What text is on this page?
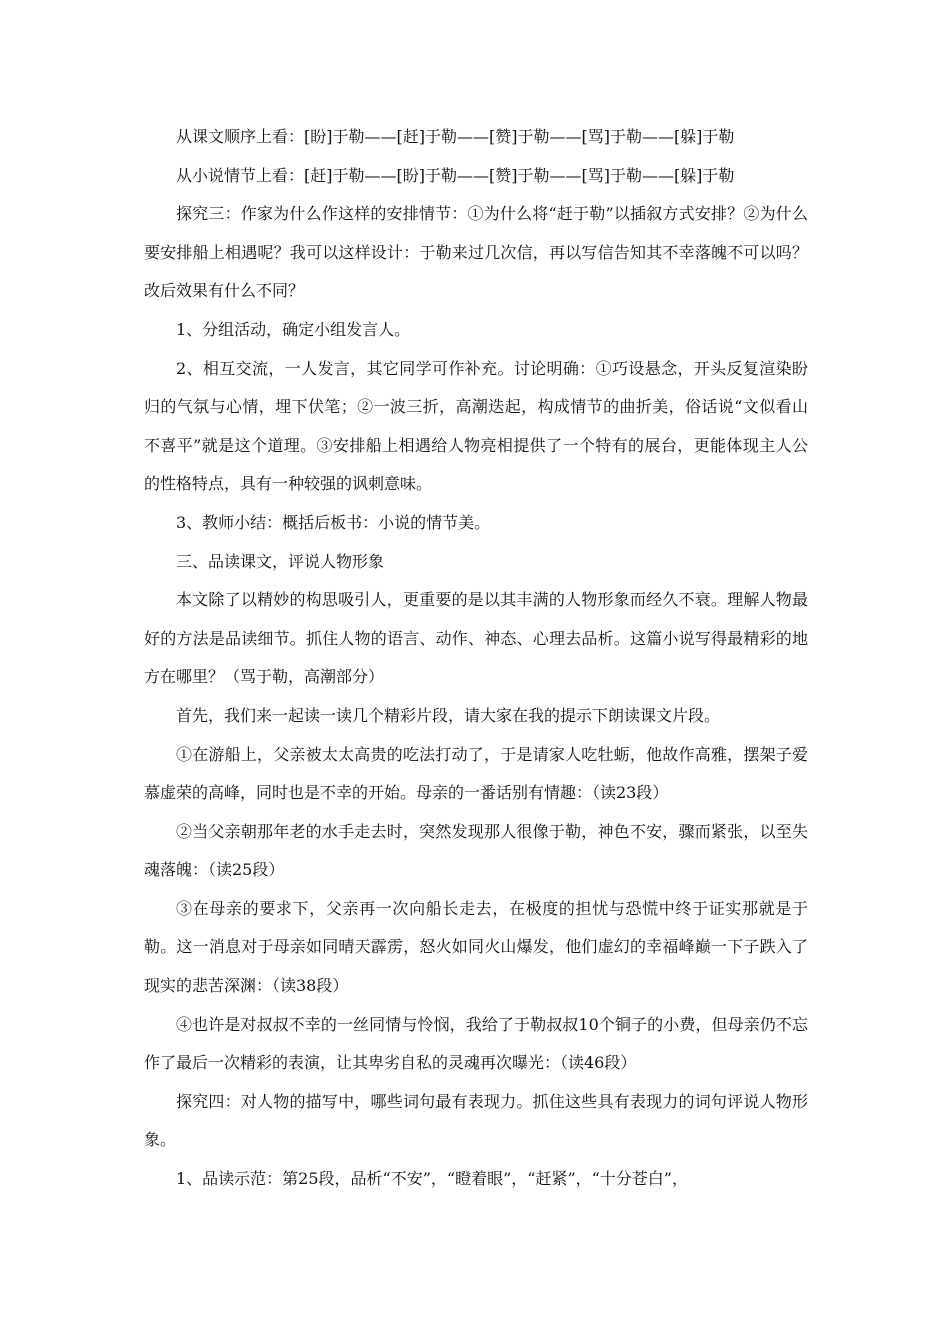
从课文顺序上看：[盼]于勒——[赶]于勒——[赞]于勒——[骂]于勒——[躲]于勒

从小说情节上看：[赶]于勒——[盼]于勒——[赞]于勒——[骂]于勒——[躲]于勒

探究三：作家为什么作这样的安排情节：①为什么将“赶于勒”以插叙方式安排？②为什么要安排船上相遇呢？我可以这样设计：于勒来过几次信，再以写信告知其不幸落魄不可以吗？改后效果有什么不同？

1、分组活动，确定小组发言人。

2、相互交流，一人发言，其它同学可作补充。讨论明确：①巧设悬念，开头反复渲染盼归的气氛与心情，埋下伏笔；②一波三折，高潮迭起，构成情节的曲折美，俗话说“文似看山不喜平”就是这个道理。③安排船上相遇给人物亮相提供了一个特有的展台，更能体现主人公的性格特点，具有一种较强的讽刺意味。

3、教师小结：概括后板书：小说的情节美。

三、品读课文，评说人物形象

本文除了以精妙的构思吸引人，更重要的是以其丰满的人物形象而经久不衰。理解人物最好的方法是品读细节。抓住人物的语言、动作、神态、心理去品析。这篇小说写得最精彩的地方在哪里？（骂于勒，高潮部分）

首先，我们来一起读一读几个精彩片段，请大家在我的提示下朗读课文片段。

①在游船上，父亲被太太高贵的吃法打动了，于是请家人吃牡蛎，他故作高雅，摆架子爱慕虚荣的高峰，同时也是不幸的开始。母亲的一番话别有情趣：（读23段）

②当父亲朝那年老的水手走去时，突然发现那人很像于勒，神色不安，骤而紧张，以至失魂落魄：（读25段）

③在母亲的要求下，父亲再一次向船长走去，在极度的担忧与恐慌中终于证实那就是于勒。这一消息对于母亲如同晴天霹雳，怒火如同火山爆发，他们虚幻的幸福峰巅一下子跌入了现实的悲苦深渊：（读38段）

④也许是对叔叔不幸的一丝同情与怜悯，我给了于勒叔叔10个铜子的小费，但母亲仍不忘作了最后一次精彩的表演，让其卑劣自私的灵魂再次曝光：（读46段）

探究四：对人物的描写中，哪些词句最有表现力。抓住这些具有表现力的词句评说人物形象。

1、品读示范：第25段，品析“不安”，“瞪着眼”，“赶紧”，“十分苍白”，
